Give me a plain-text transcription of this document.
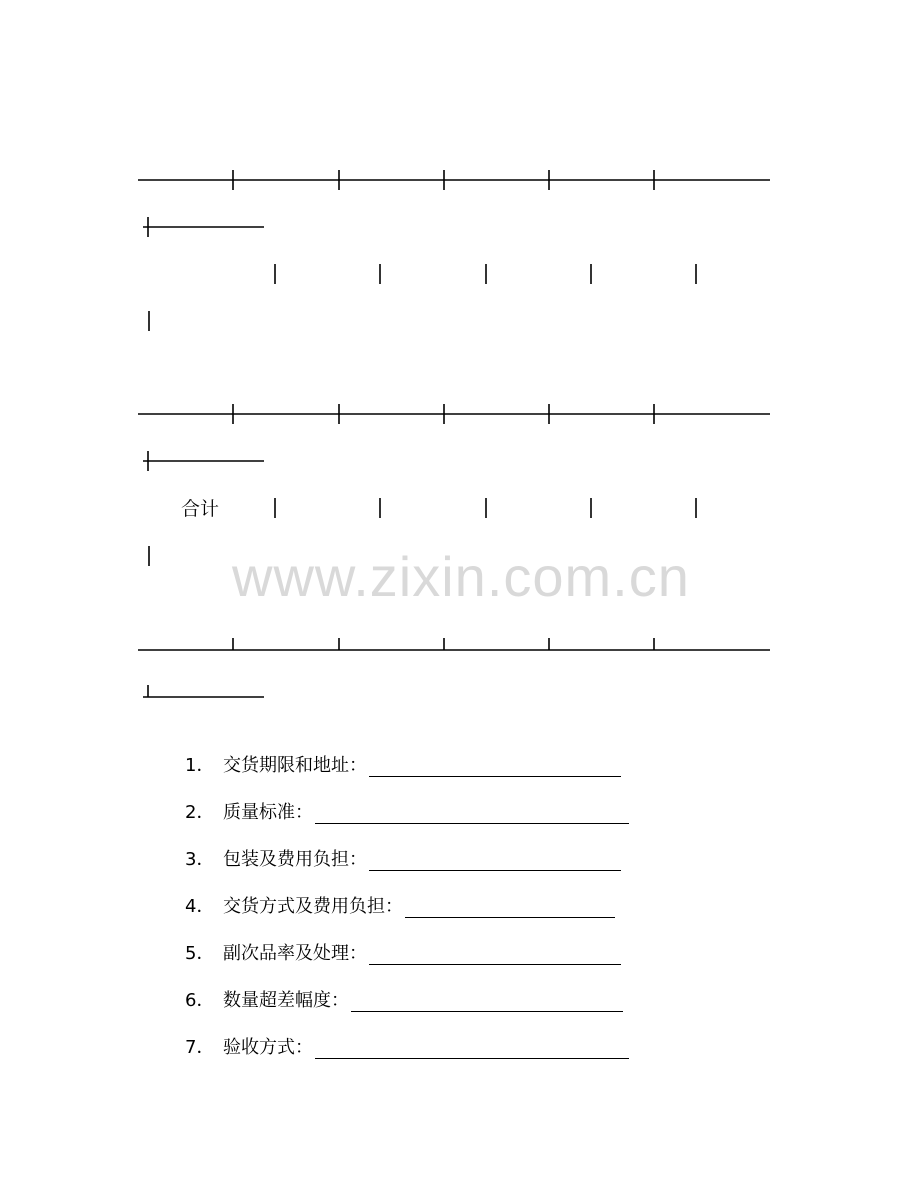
合计
www.zixin.com.cn
1． 交货期限和地址：
2． 质量标准：
3． 包装及费用负担：
4． 交货方式及费用负担：
5． 副次品率及处理：
6． 数量超差幅度：
7． 验收方式：
